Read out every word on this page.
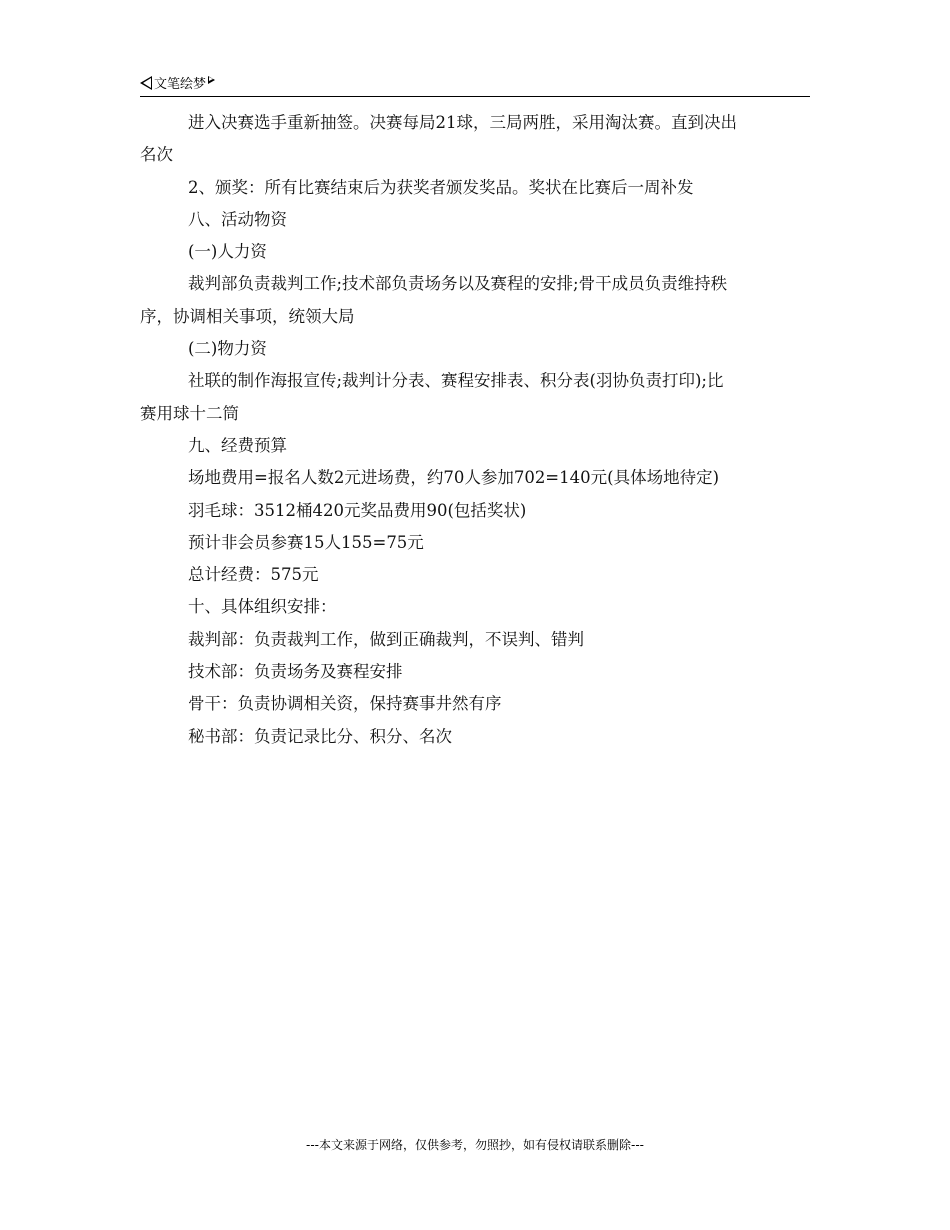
文笔绘梦
进入决赛选手重新抽签。决赛每局21球，三局两胜，采用淘汰赛。直到决出
名次
2、颁奖：所有比赛结束后为获奖者颁发奖品。奖状在比赛后一周补发
八、活动物资
(一)人力资
裁判部负责裁判工作;技术部负责场务以及赛程的安排;骨干成员负责维持秩
序，协调相关事项，统领大局
(二)物力资
社联的制作海报宣传;裁判计分表、赛程安排表、积分表(羽协负责打印);比
赛用球十二筒
九、经费预算
场地费用=报名人数2元进场费，约70人参加702=140元(具体场地待定)
羽毛球：3512桶420元奖品费用90(包括奖状)
预计非会员参赛15人155=75元
总计经费：575元
十、具体组织安排：
裁判部：负责裁判工作，做到正确裁判，不误判、错判
技术部：负责场务及赛程安排
骨干：负责协调相关资，保持赛事井然有序
秘书部：负责记录比分、积分、名次
---本文来源于网络，仅供参考，勿照抄，如有侵权请联系删除---
